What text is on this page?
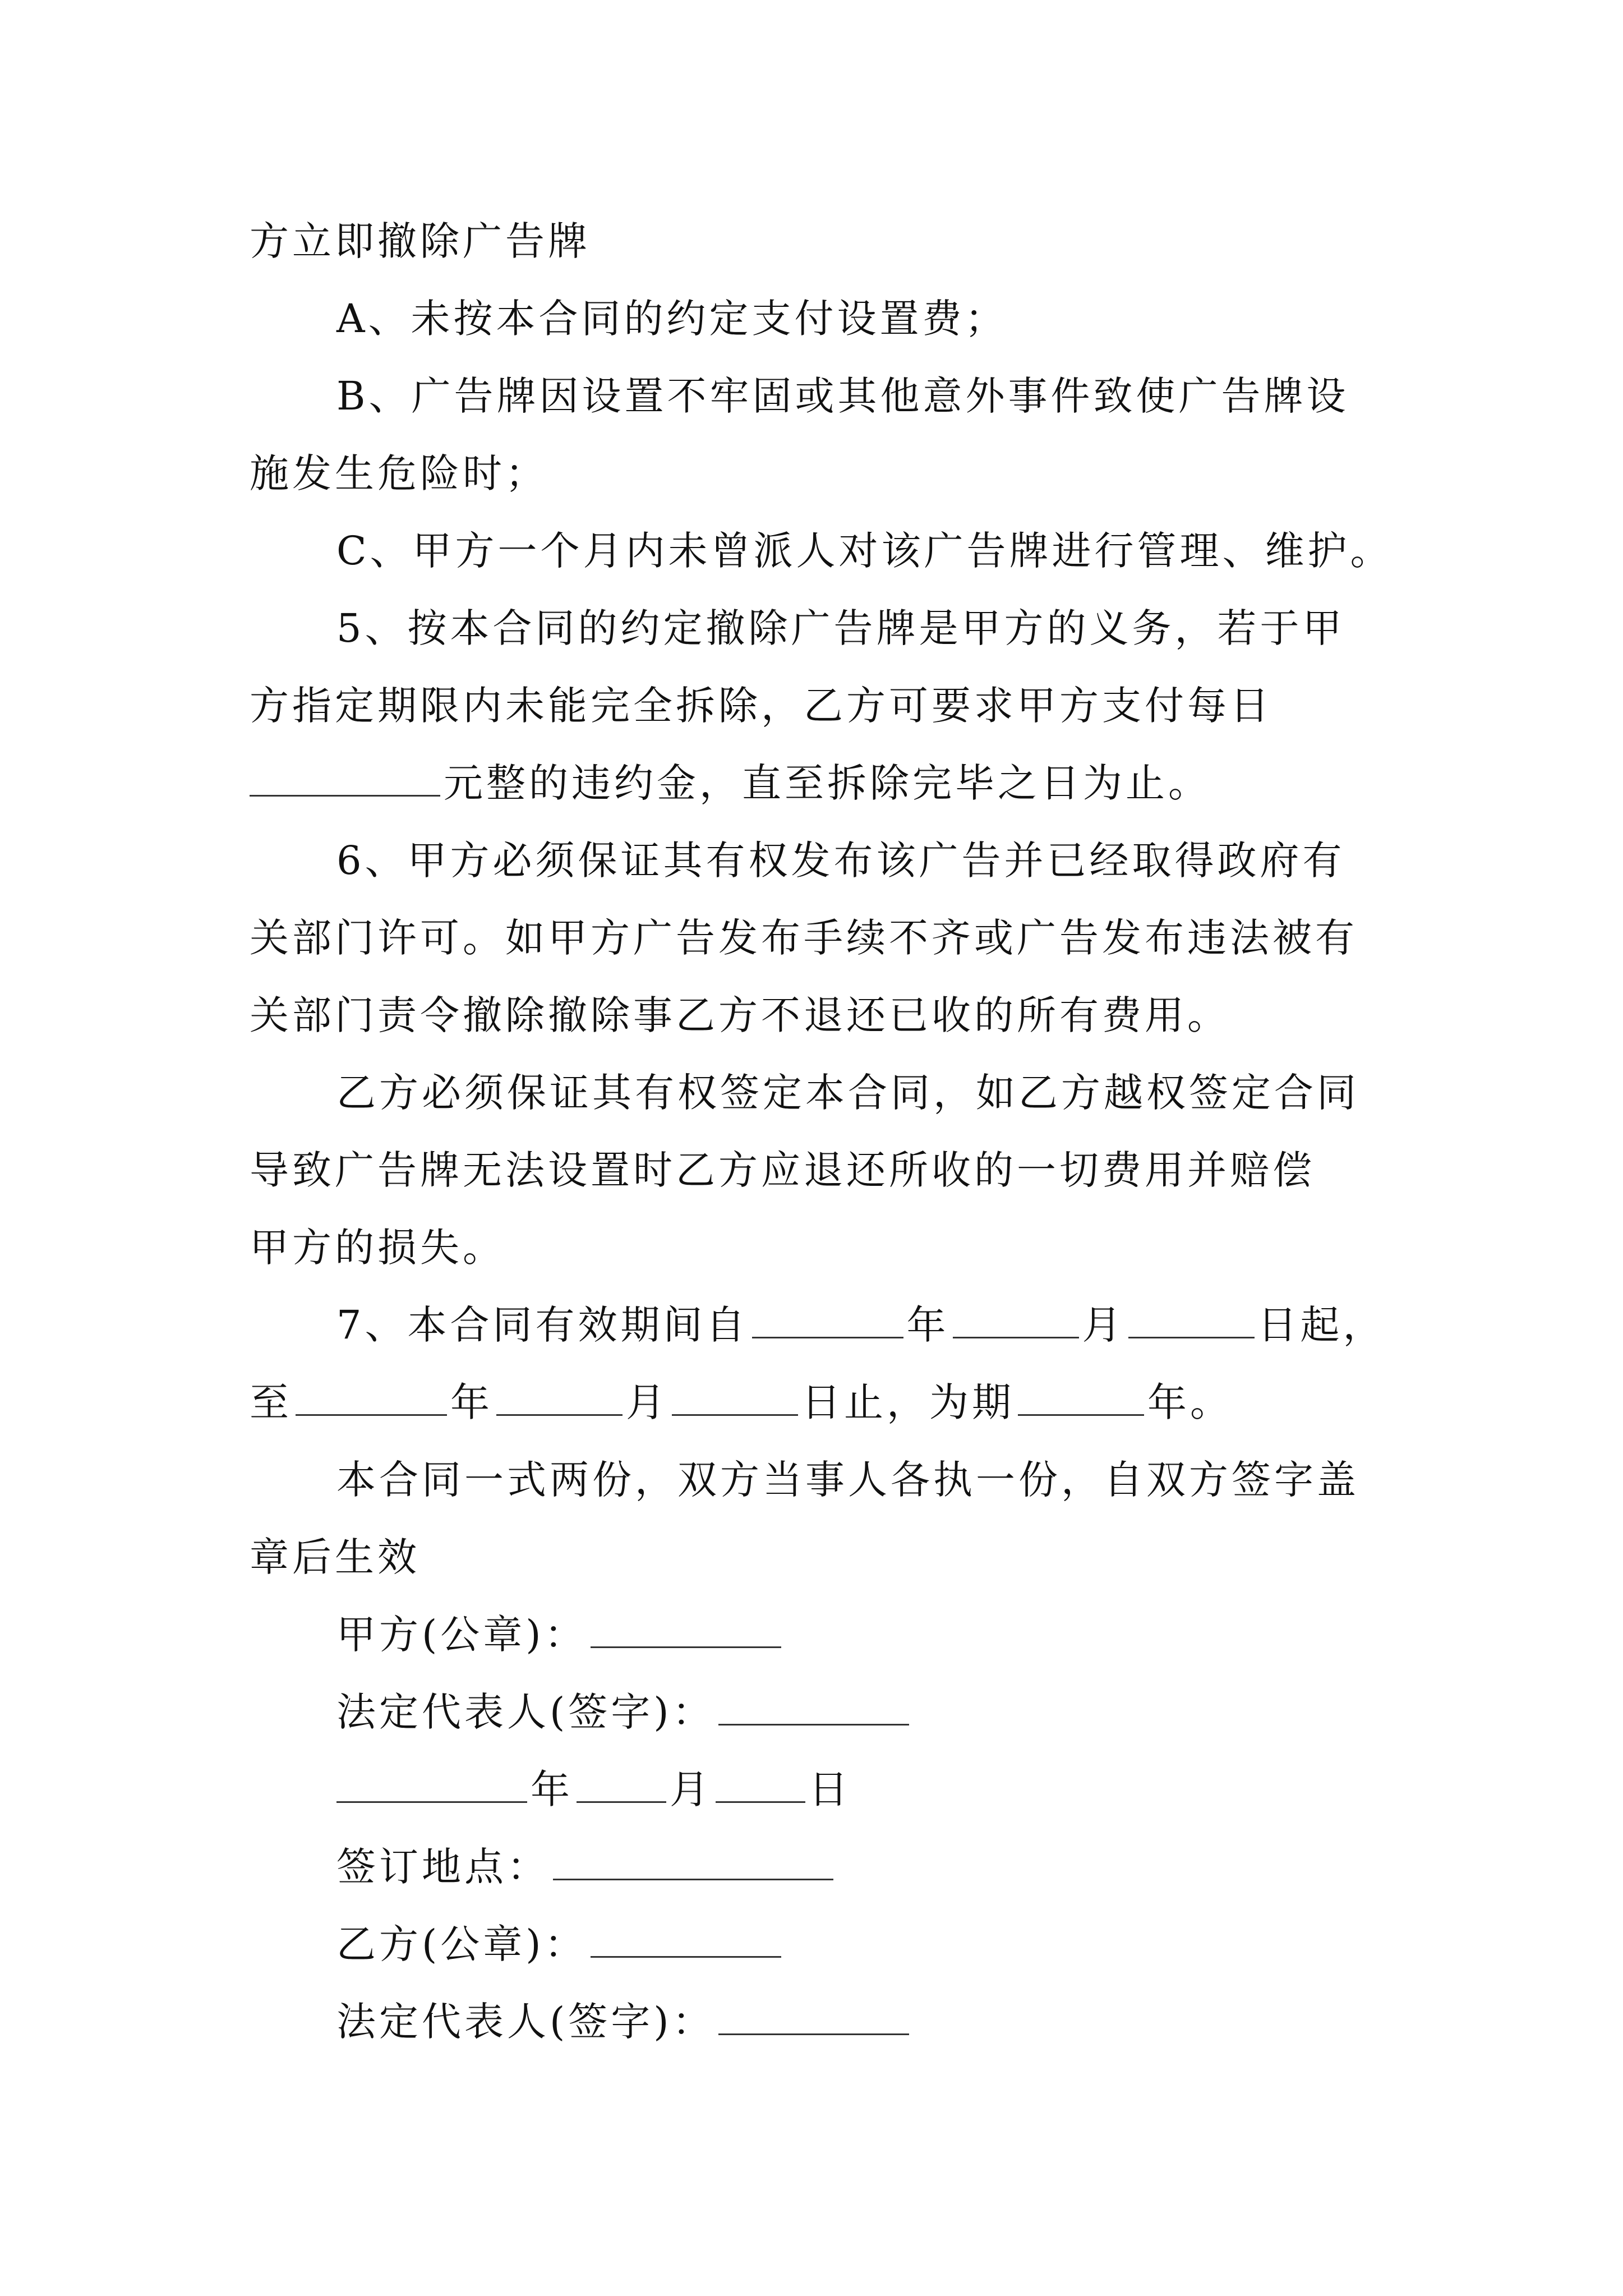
方立即撤除广告牌
A、未按本合同的约定支付设置费；
B、广告牌因设置不牢固或其他意外事件致使广告牌设
施发生危险时；
C、甲方一个月内未曾派人对该广告牌进行管理、维护。
5、按本合同的约定撤除广告牌是甲方的义务，若于甲
方指定期限内未能完全拆除，乙方可要求甲方支付每日
元整的违约金，直至拆除完毕之日为止。
6、甲方必须保证其有权发布该广告并已经取得政府有
关部门许可。如甲方广告发布手续不齐或广告发布违法被有
关部门责令撤除撤除事乙方不退还已收的所有费用。
乙方必须保证其有权签定本合同，如乙方越权签定合同
导致广告牌无法设置时乙方应退还所收的一切费用并赔偿
甲方的损失。
7、本合同有效期间自	年	月	日起，
至	年	月	日止，为期	年。
本合同一式两份，双方当事人各执一份，自双方签字盖
章后生效
甲方(公章)：
法定代表人(签字)：
年 月 日
签订地点：
乙方(公章)：
法定代表人(签字)：
